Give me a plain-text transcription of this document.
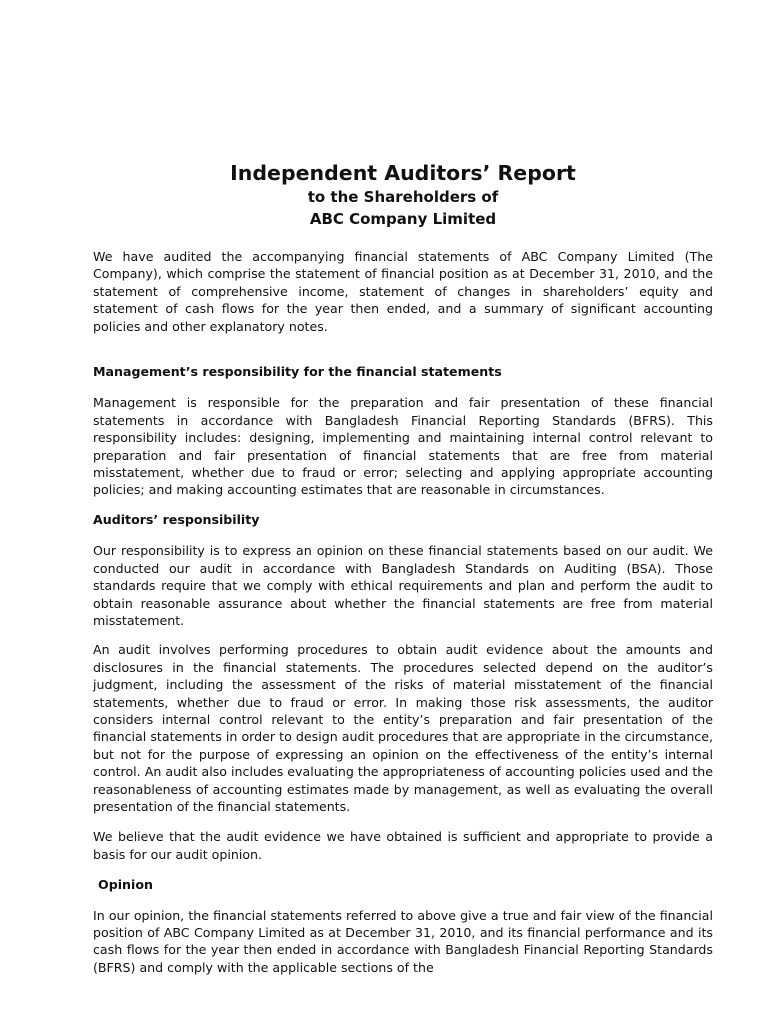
Independent Auditors’ Report
to the Shareholders of
ABC Company Limited

We have audited the accompanying financial statements of ABC Company Limited (The Company), which comprise the statement of financial position as at December 31, 2010, and the statement of comprehensive income, statement of changes in shareholders’ equity and statement of cash flows for the year then ended, and a summary of significant accounting policies and other explanatory notes.

Management’s responsibility for the financial statements

Management is responsible for the preparation and fair presentation of these financial statements in accordance with Bangladesh Financial Reporting Standards (BFRS). This responsibility includes: designing, implementing and maintaining internal control relevant to preparation and fair presentation of financial statements that are free from material misstatement, whether due to fraud or error; selecting and applying appropriate accounting policies; and making accounting estimates that are reasonable in circumstances.

Auditors’ responsibility

Our responsibility is to express an opinion on these financial statements based on our audit. We conducted our audit in accordance with Bangladesh Standards on Auditing (BSA). Those standards require that we comply with ethical requirements and plan and perform the audit to obtain reasonable assurance about whether the financial statements are free from material misstatement.

An audit involves performing procedures to obtain audit evidence about the amounts and disclosures in the financial statements. The procedures selected depend on the auditor’s judgment, including the assessment of the risks of material misstatement of the financial statements, whether due to fraud or error. In making those risk assessments, the auditor considers internal control relevant to the entity’s preparation and fair presentation of the financial statements in order to design audit procedures that are appropriate in the circumstance, but not for the purpose of expressing an opinion on the effectiveness of the entity’s internal control. An audit also includes evaluating the appropriateness of accounting policies used and the reasonableness of accounting estimates made by management, as well as evaluating the overall presentation of the financial statements.

We believe that the audit evidence we have obtained is sufficient and appropriate to provide a basis for our audit opinion.

Opinion

In our opinion, the financial statements referred to above give a true and fair view of the financial position of ABC Company Limited as at December 31, 2010, and its financial performance and its cash flows for the year then ended in accordance with Bangladesh Financial Reporting Standards (BFRS) and comply with the applicable sections of the
